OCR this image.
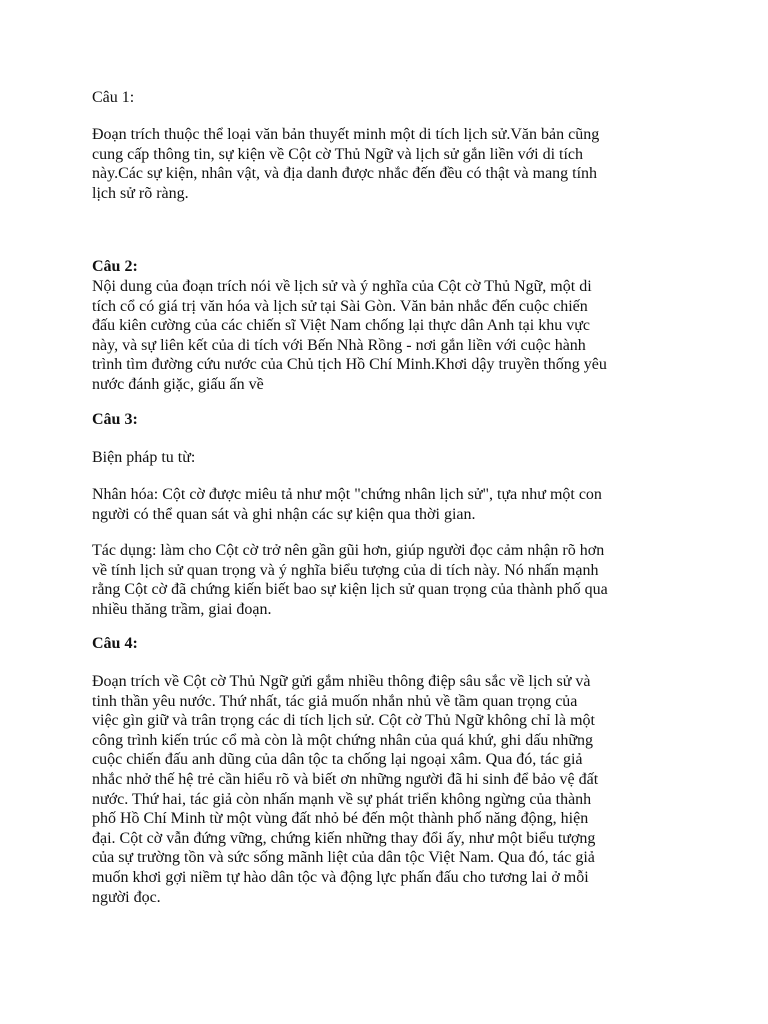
Câu 1:
Đoạn trích thuộc thể loại văn bản thuyết minh một di tích lịch sử.Văn bản cũng
cung cấp thông tin, sự kiện về Cột cờ Thủ Ngữ và lịch sử gắn liền với di tích
này.Các sự kiện, nhân vật, và địa danh được nhắc đến đều có thật và mang tính
lịch sử rõ ràng.
Câu 2:
Nội dung của đoạn trích nói về lịch sử và ý nghĩa của Cột cờ Thủ Ngữ, một di
tích cổ có giá trị văn hóa và lịch sử tại Sài Gòn. Văn bản nhắc đến cuộc chiến
đấu kiên cường của các chiến sĩ Việt Nam chống lại thực dân Anh tại khu vực
này, và sự liên kết của di tích với Bến Nhà Rồng - nơi gắn liền với cuộc hành
trình tìm đường cứu nước của Chủ tịch Hồ Chí Minh.Khơi dậy truyền thống yêu
nước đánh giặc, giấu ấn về
Câu 3:
Biện pháp tu từ:
Nhân hóa: Cột cờ được miêu tả như một "chứng nhân lịch sử", tựa như một con
người có thể quan sát và ghi nhận các sự kiện qua thời gian.
Tác dụng: làm cho Cột cờ trở nên gần gũi hơn, giúp người đọc cảm nhận rõ hơn
về tính lịch sử quan trọng và ý nghĩa biểu tượng của di tích này. Nó nhấn mạnh
rằng Cột cờ đã chứng kiến biết bao sự kiện lịch sử quan trọng của thành phố qua
nhiều thăng trầm, giai đoạn.
Câu 4:
Đoạn trích về Cột cờ Thủ Ngữ gửi gắm nhiều thông điệp sâu sắc về lịch sử và
tinh thần yêu nước. Thứ nhất, tác giả muốn nhắn nhủ về tầm quan trọng của
việc gìn giữ và trân trọng các di tích lịch sử. Cột cờ Thủ Ngữ không chỉ là một
công trình kiến trúc cổ mà còn là một chứng nhân của quá khứ, ghi dấu những
cuộc chiến đấu anh dũng của dân tộc ta chống lại ngoại xâm. Qua đó, tác giả
nhắc nhở thế hệ trẻ cần hiểu rõ và biết ơn những người đã hi sinh để bảo vệ đất
nước. Thứ hai, tác giả còn nhấn mạnh về sự phát triển không ngừng của thành
phố Hồ Chí Minh từ một vùng đất nhỏ bé đến một thành phố năng động, hiện
đại. Cột cờ vẫn đứng vững, chứng kiến những thay đổi ấy, như một biểu tượng
của sự trường tồn và sức sống mãnh liệt của dân tộc Việt Nam. Qua đó, tác giả
muốn khơi gợi niềm tự hào dân tộc và động lực phấn đấu cho tương lai ở mỗi
người đọc.
